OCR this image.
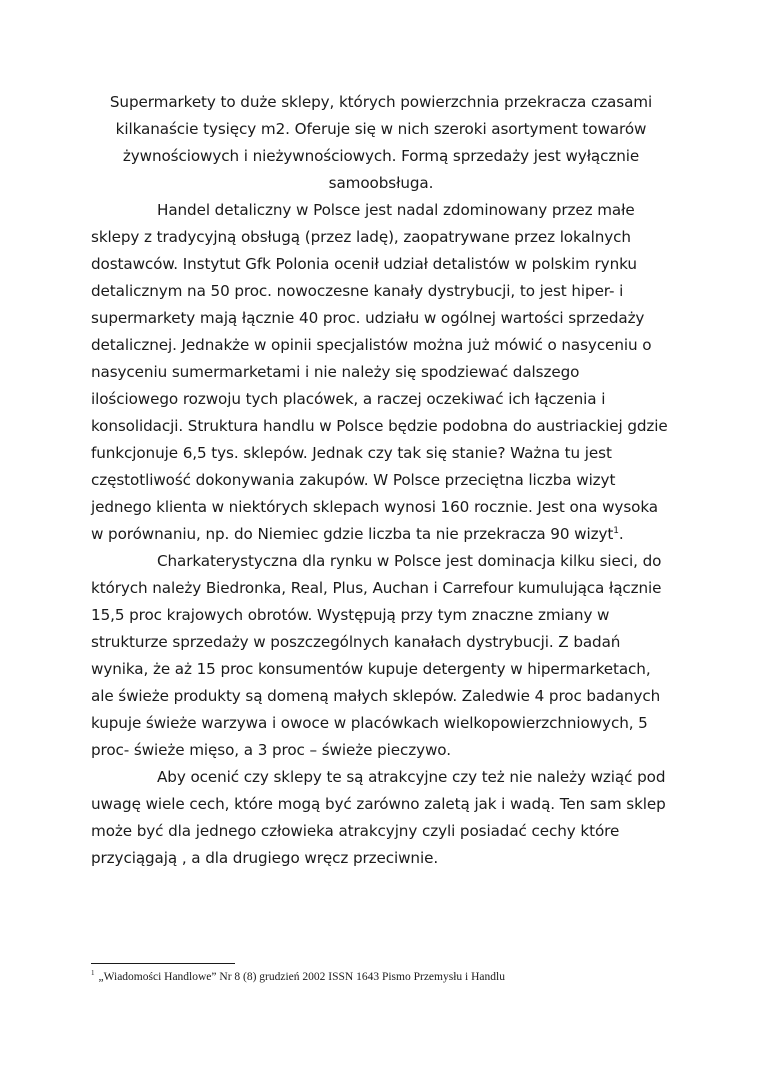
Supermarkety to duże sklepy, których powierzchnia przekracza czasami kilkanaście tysięcy m2. Oferuje się w nich szeroki asortyment towarów żywnościowych i nieżywnościowych. Formą sprzedaży jest wyłącznie samoobsługa.

Handel detaliczny w Polsce jest nadal zdominowany przez małe sklepy z tradycyjną obsługą (przez ladę), zaopatrywane przez lokalnych dostawców. Instytut Gfk Polonia ocenił udział detalistów w polskim rynku detalicznym na 50 proc. nowoczesne kanały dystrybucji, to jest hiper- i supermarkety mają łącznie 40 proc. udziału w ogólnej wartości sprzedaży detalicznej. Jednakże w opinii specjalistów można już mówić o nasyceniu o nasyceniu sumermarketami i nie należy się spodziewać dalszego ilościowego rozwoju tych placówek, a raczej oczekiwać ich łączenia i konsolidacji. Struktura handlu w Polsce będzie podobna do austriackiej gdzie funkcjonuje 6,5 tys. sklepów. Jednak czy tak się stanie? Ważna tu jest częstotliwość dokonywania zakupów. W Polsce przeciętna liczba wizyt jednego klienta w niektórych sklepach wynosi 160 rocznie. Jest ona wysoka w porównaniu, np. do Niemiec gdzie liczba ta nie przekracza 90 wizyt$^1$.

Charkaterystyczna dla rynku w Polsce jest dominacja kilku sieci, do których należy Biedronka, Real, Plus, Auchan i Carrefour kumulująca łącznie 15,5 proc krajowych obrotów. Występują przy tym znaczne zmiany w strukturze sprzedaży w poszczególnych kanałach dystrybucji. Z badań wynika, że aż 15 proc konsumentów kupuje detergenty w hipermarketach, ale świeże produkty są domeną małych sklepów. Zaledwie 4 proc badanych kupuje świeże warzywa i owoce w placówkach wielkopowierzchniowych, 5 proc- świeże mięso, a 3 proc – świeże pieczywo.

Aby ocenić czy sklepy te są atrakcyjne czy też nie należy wziąć pod uwagę wiele cech, które mogą być zarówno zaletą jak i wadą. Ten sam sklep może być dla jednego człowieka atrakcyjny czyli posiadać cechy które przyciągają , a dla drugiego wręcz przeciwnie.

$^1$ „Wiadomości Handlowe” Nr 8 (8) grudzień 2002 ISSN 1643 Pismo Przemysłu i Handlu
